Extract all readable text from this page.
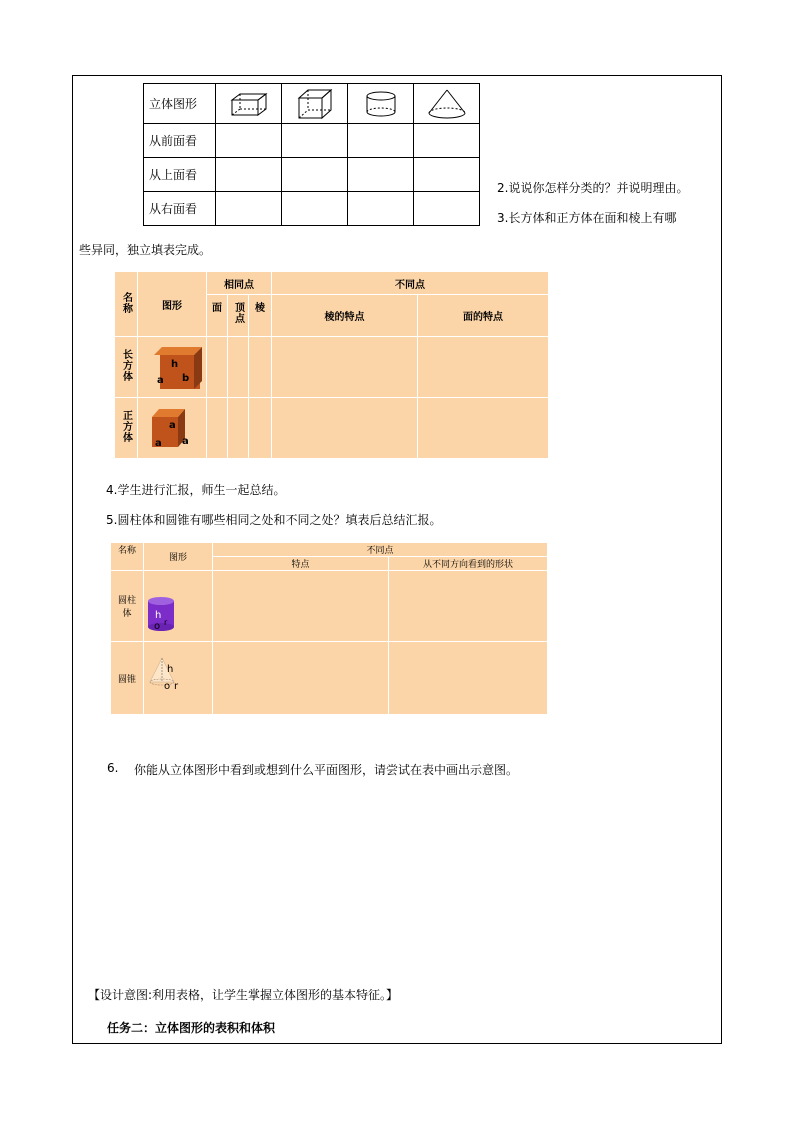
立体图形	

从前面看				
从上面看				
从右面看				
2.说说你怎样分类的？并说明理由。
3.长方体和正方体在面和棱上有哪
些异同，独立填表完成。
名称	图形	相同点			不同点	
		面	顶点	棱	棱的特点	面的特点
长方体	h
a b					

正方体	a
a a					

4.学生进行汇报，师生一起总结。
5.圆柱体和圆锥有哪些相同之处和不同之处？填表后总结汇报。
名称	图形	不同点	
		特点	从不同方向看到的形状
圆柱体	h
o r		

圆锥	h
o r		

6. 你能从立体图形中看到或想到什么平面图形，请尝试在表中画出示意图。
【设计意图:利用表格，让学生掌握立体图形的基本特征。】
任务二：立体图形的表积和体积
